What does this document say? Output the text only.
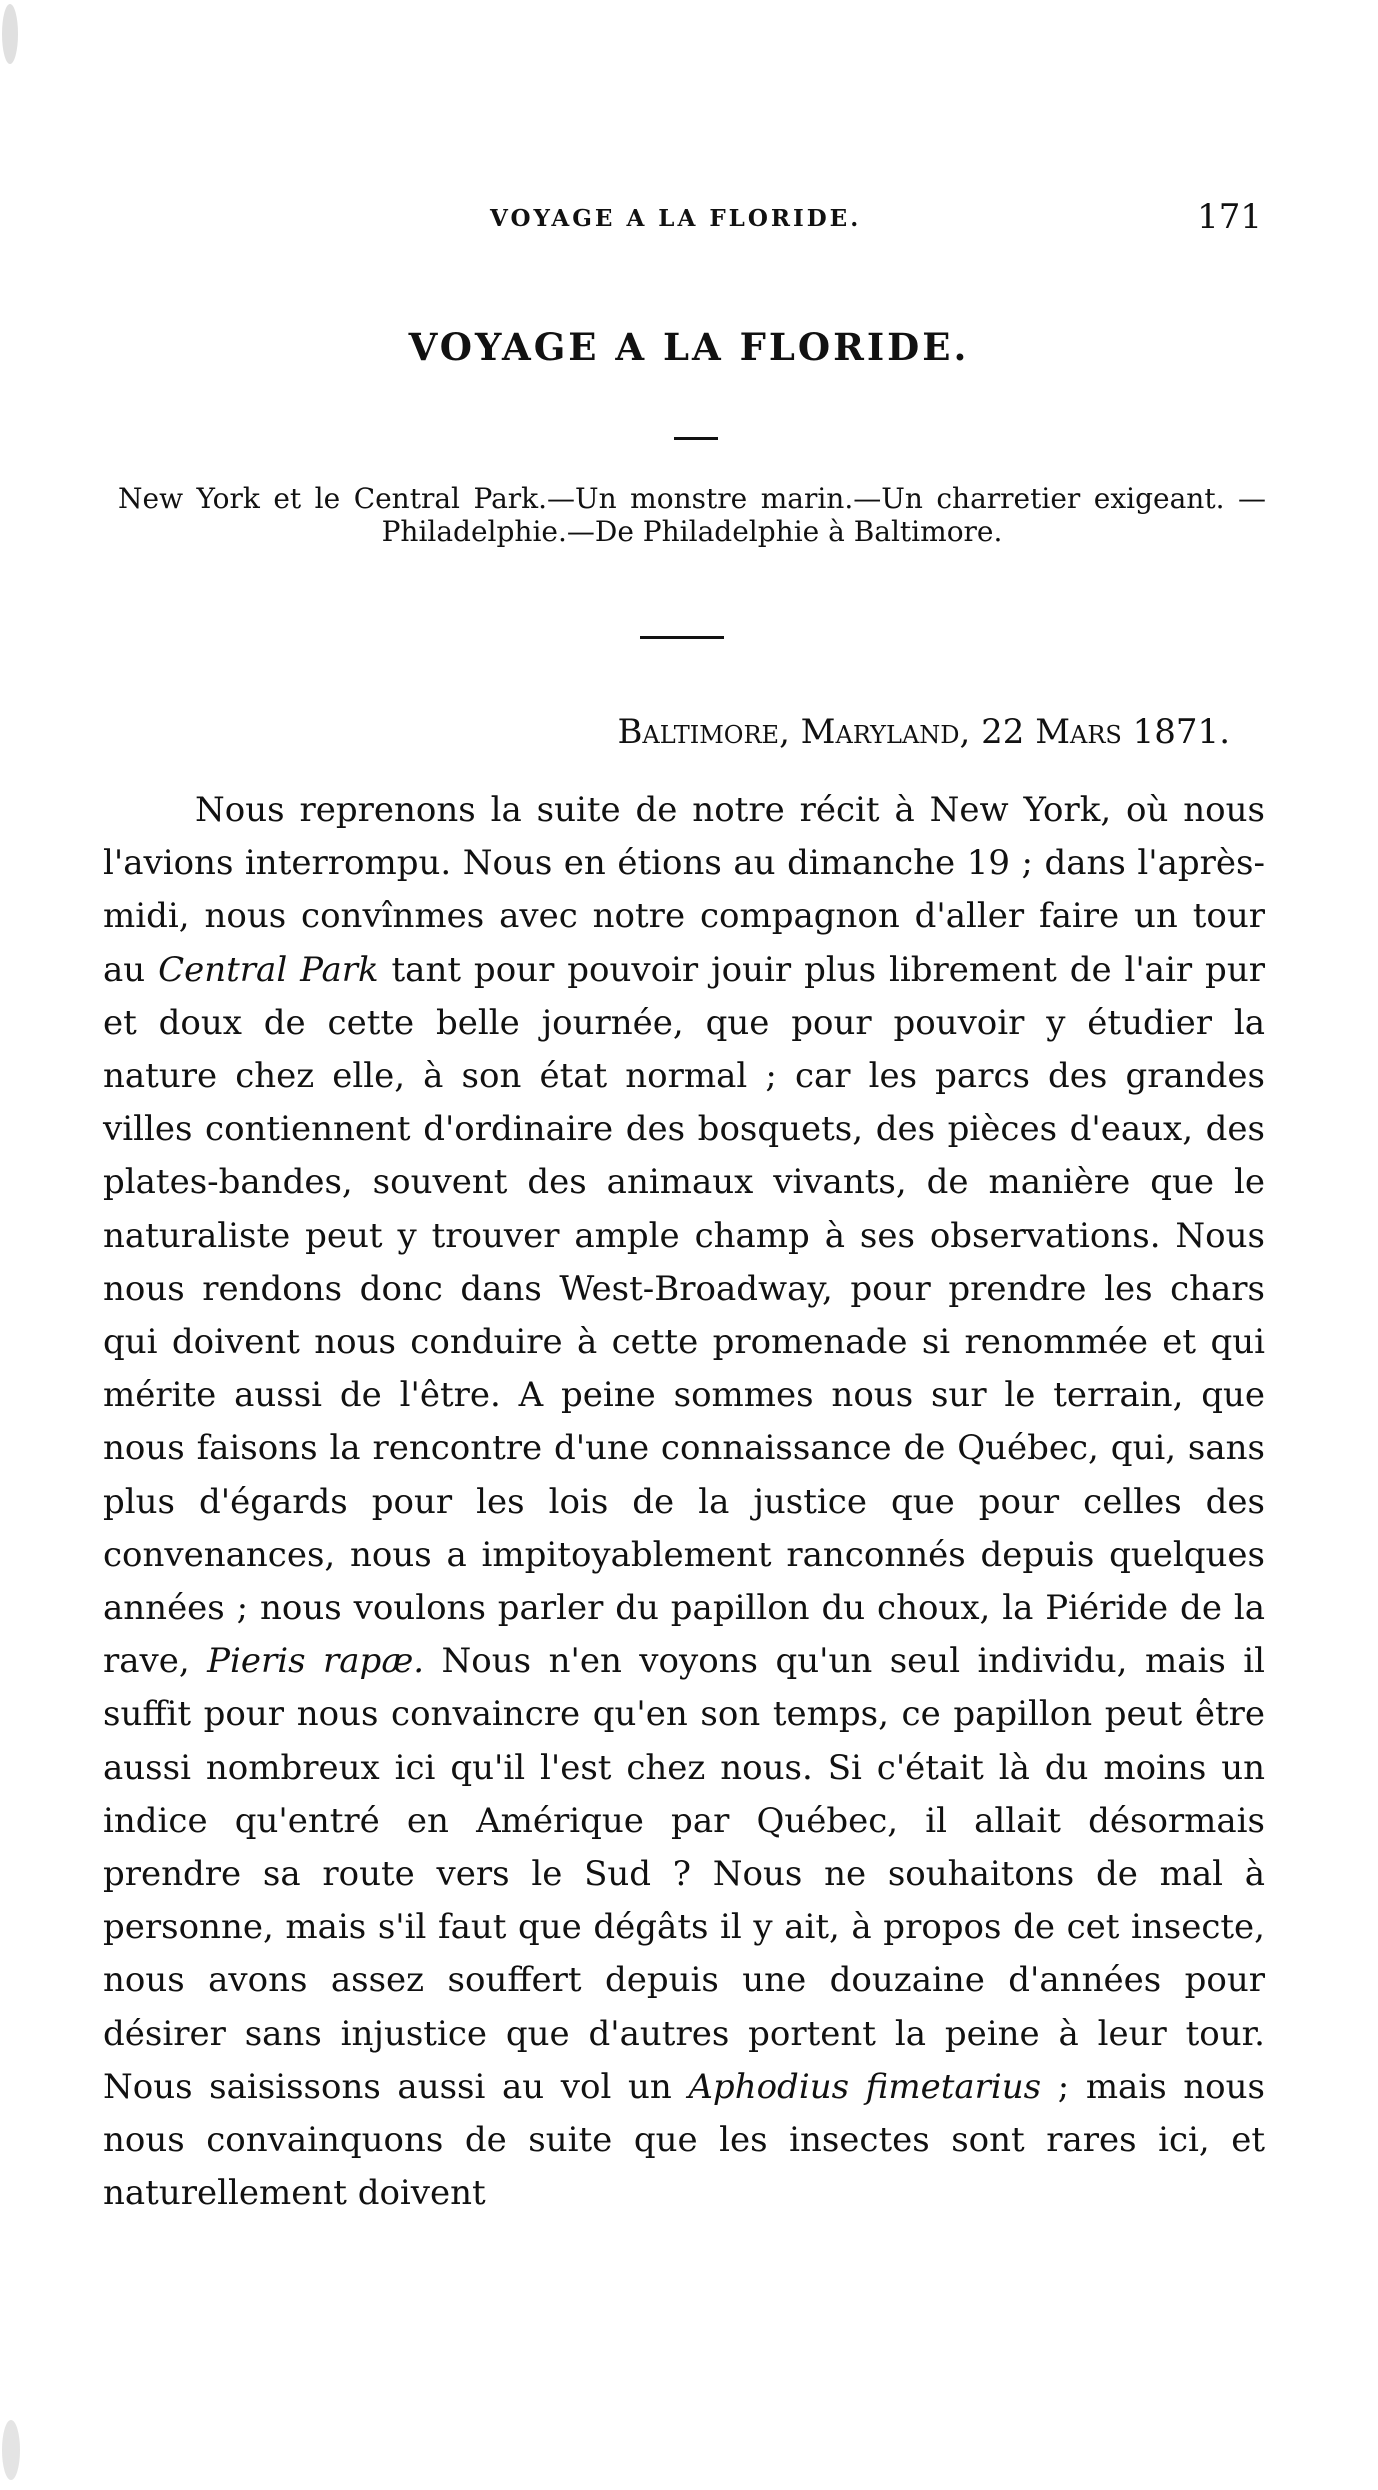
VOYAGE A LA FLORIDE.	171
VOYAGE A LA FLORIDE.
New York et le Central Park.—Un monstre marin.—Un charretier exigeant. —Philadelphie.—De Philadelphie à Baltimore.
Baltimore, Maryland, 22 Mars 1871.

Nous reprenons la suite de notre récit à New York, où nous l'avions interrompu. Nous en étions au dimanche 19 ; dans l'après-midi, nous convînmes avec notre compagnon d'aller faire un tour au Central Park tant pour pouvoir jouir plus librement de l'air pur et doux de cette belle journée, que pour pouvoir y étudier la nature chez elle, à son état normal ; car les parcs des grandes villes contiennent d'ordinaire des bosquets, des pièces d'eaux, des plates-bandes, souvent des animaux vivants, de manière que le naturaliste peut y trouver ample champ à ses observations. Nous nous rendons donc dans West-Broadway, pour prendre les chars qui doivent nous conduire à cette promenade si renommée et qui mérite aussi de l'être. A peine sommes nous sur le terrain, que nous faisons la rencontre d'une connaissance de Québec, qui, sans plus d'égards pour les lois de la justice que pour celles des convenances, nous a impitoyablement ranconnés depuis quelques années ; nous voulons parler du papillon du choux, la Piéride de la rave, Pieris rapæ. Nous n'en voyons qu'un seul individu, mais il suffit pour nous convaincre qu'en son temps, ce papillon peut être aussi nombreux ici qu'il l'est chez nous. Si c'était là du moins un indice qu'entré en Amérique par Québec, il allait désormais prendre sa route vers le Sud ? Nous ne souhaitons de mal à personne, mais s'il faut que dégâts il y ait, à propos de cet insecte, nous avons assez souffert depuis une douzaine d'années pour désirer sans injustice que d'autres portent la peine à leur tour. Nous saisissons aussi au vol un Aphodius fimetarius ; mais nous nous convainquons de suite que les insectes sont rares ici, et naturellement doivent
